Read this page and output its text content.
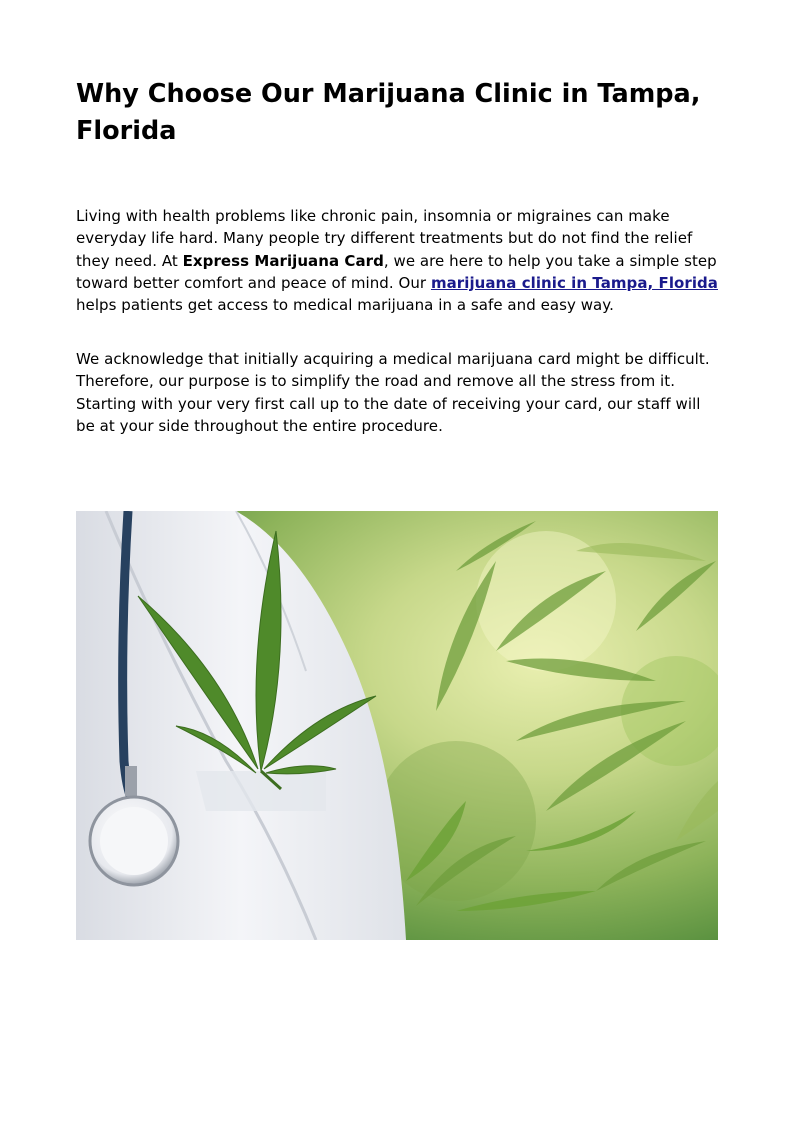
Why Choose Our Marijuana Clinic in Tampa, Florida

Living with health problems like chronic pain, insomnia or migraines can make everyday life hard. Many people try different treatments but do not find the relief they need. At Express Marijuana Card, we are here to help you take a simple step toward better comfort and peace of mind. Our marijuana clinic in Tampa, Florida helps patients get access to medical marijuana in a safe and easy way.

We acknowledge that initially acquiring a medical marijuana card might be difficult. Therefore, our purpose is to simplify the road and remove all the stress from it. Starting with your very first call up to the date of receiving your card, our staff will be at your side throughout the entire procedure.
